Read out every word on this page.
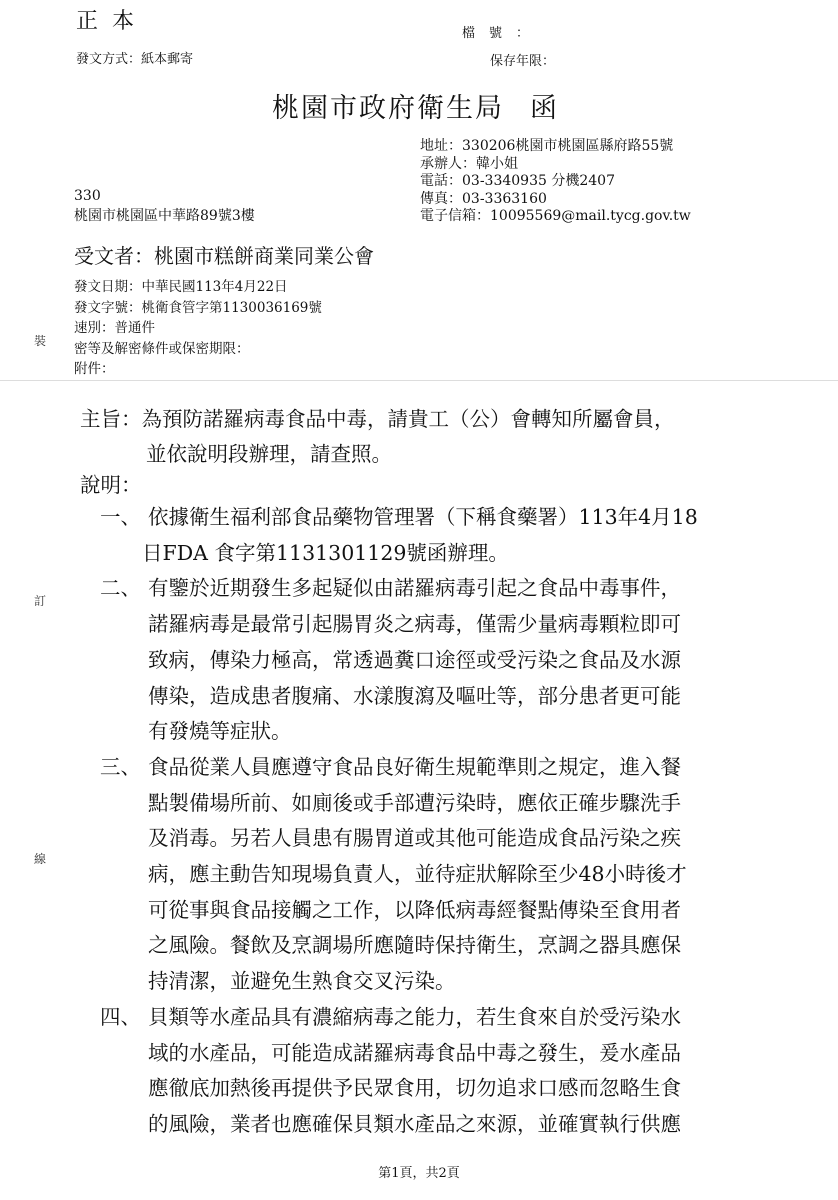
正本
發文方式：紙本郵寄
檔號：
保存年限：
桃園市政府衛生局 函
地址：330206桃園市桃園區縣府路55號
承辦人：韓小姐
電話：03-3340935 分機2407
傳真：03-3363160
電子信箱：10095569@mail.tycg.gov.tw
330
桃園市桃園區中華路89號3樓
受文者：桃園市糕餅商業同業公會
發文日期：中華民國113年4月22日
發文字號：桃衛食管字第1130036169號
速別：普通件
密等及解密條件或保密期限：
附件：
裝
訂
線
主旨：為預防諾羅病毒食品中毒，請貴工（公）會轉知所屬會員，
並依說明段辦理，請查照。
說明：
一、 依據衛生福利部食品藥物管理署（下稱食藥署）113年4月18
日FDA 食字第1131301129號函辦理。
二、 有鑒於近期發生多起疑似由諾羅病毒引起之食品中毒事件，
諾羅病毒是最常引起腸胃炎之病毒，僅需少量病毒顆粒即可
致病，傳染力極高，常透過糞口途徑或受污染之食品及水源
傳染，造成患者腹痛、水漾腹瀉及嘔吐等，部分患者更可能
有發燒等症狀。
三、 食品從業人員應遵守食品良好衛生規範準則之規定，進入餐
點製備場所前、如廁後或手部遭污染時，應依正確步驟洗手
及消毒。另若人員患有腸胃道或其他可能造成食品污染之疾
病，應主動告知現場負責人，並待症狀解除至少48小時後才
可從事與食品接觸之工作，以降低病毒經餐點傳染至食用者
之風險。餐飲及烹調場所應隨時保持衛生，烹調之器具應保
持清潔，並避免生熟食交叉污染。
四、 貝類等水產品具有濃縮病毒之能力，若生食來自於受污染水
域的水產品，可能造成諾羅病毒食品中毒之發生，爰水產品
應徹底加熱後再提供予民眾食用，切勿追求口感而忽略生食
的風險，業者也應確保貝類水產品之來源，並確實執行供應
第1頁，共2頁
